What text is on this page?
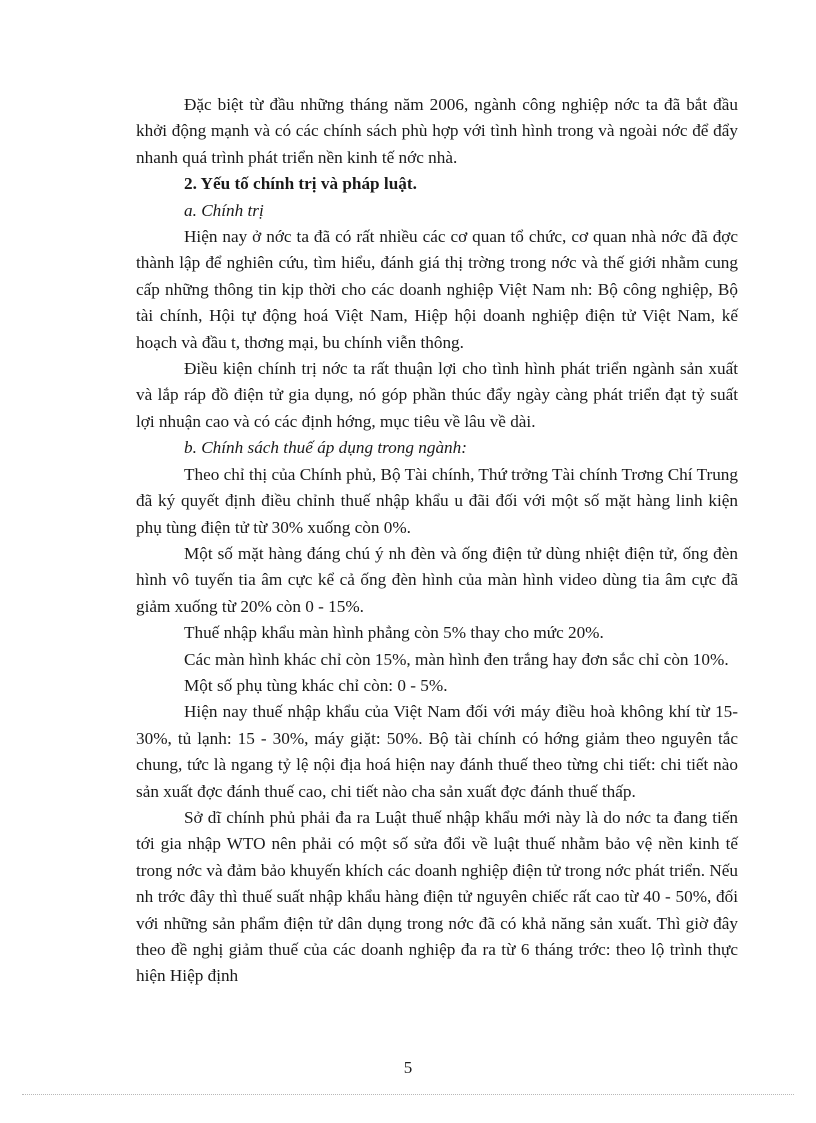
Đặc biệt từ đầu những tháng năm 2006, ngành công nghiệp nớc ta đã bắt đầu khởi động mạnh và có các chính sách phù hợp với tình hình trong và ngoài nớc để đẩy nhanh quá trình phát triển nền kinh tế nớc nhà.

2. Yếu tố chính trị và pháp luật.

a. Chính trị

Hiện nay ở nớc ta đã có rất nhiều các cơ quan tổ chức, cơ quan nhà nớc đã đợc thành lập để nghiên cứu, tìm hiểu, đánh giá thị trờng trong nớc và thế giới nhằm cung cấp những thông tin kịp thời cho các doanh nghiệp Việt Nam nh: Bộ công nghiệp, Bộ tài chính, Hội tự động hoá Việt Nam, Hiệp hội doanh nghiệp điện tử Việt Nam, kế hoạch và đầu t, thơng mại, bu chính viễn thông.

Điều kiện chính trị nớc ta rất thuận lợi cho tình hình phát triển ngành sản xuất và lắp ráp đồ điện tử gia dụng, nó góp phần thúc đẩy ngày càng phát triển đạt tỷ suất lợi nhuận cao và có các định hớng, mục tiêu về lâu về dài.

b. Chính sách thuế áp dụng trong ngành:

Theo chỉ thị của Chính phủ, Bộ Tài chính, Thứ trởng Tài chính Trơng Chí Trung đã ký quyết định điều chỉnh thuế nhập khẩu u đãi đối với một số mặt hàng linh kiện phụ tùng điện tử từ 30% xuống còn 0%.

Một số mặt hàng đáng chú ý nh đèn và ống điện tử dùng nhiệt điện tử, ống đèn hình vô tuyến tia âm cực kể cả ống đèn hình của màn hình video dùng tia âm cực đã giảm xuống từ 20% còn 0 - 15%.

Thuế nhập khẩu màn hình phẳng còn 5% thay cho mức 20%.

Các màn hình khác chỉ còn 15%, màn hình đen trắng hay đơn sắc chỉ còn 10%.

Một số phụ tùng khác chỉ còn: 0 - 5%.

Hiện nay thuế nhập khẩu của Việt Nam đối với máy điều hoà không khí từ 15- 30%, tủ lạnh: 15 - 30%, máy giặt: 50%. Bộ tài chính có hớng giảm theo nguyên tắc chung, tức là ngang tỷ lệ nội địa hoá hiện nay đánh thuế theo từng chi tiết: chi tiết nào sản xuất đợc đánh thuế cao, chi tiết nào cha sản xuất đợc đánh thuế thấp.

Sở dĩ chính phủ phải đa ra Luật thuế nhập khẩu mới này là do nớc ta đang tiến tới gia nhập WTO nên phải có một số sửa đổi về luật thuế nhằm bảo vệ nền kinh tế trong nớc và đảm bảo khuyến khích các doanh nghiệp điện tử trong nớc phát triển. Nếu nh trớc đây thì thuế suất nhập khẩu hàng điện tử nguyên chiếc rất cao từ 40 - 50%, đối với những sản phẩm điện tử dân dụng trong nớc đã có khả năng sản xuất. Thì giờ đây theo đề nghị giảm thuế của các doanh nghiệp đa ra từ 6 tháng trớc: theo lộ trình thực hiện Hiệp định

5
